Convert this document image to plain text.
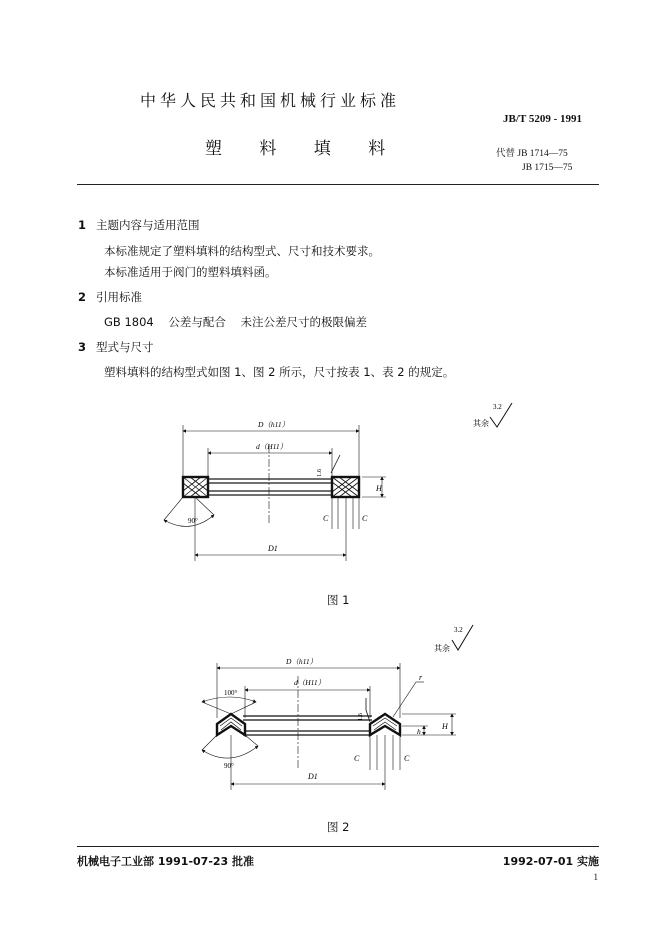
中华人民共和国机械行业标准
JB/T 5209 - 1991
塑 料 填 料	代替 JB 1714—75
JB 1715—75
1 主题内容与适用范围
本标准规定了塑料填料的结构型式、尺寸和技术要求。
本标准适用于阀门的塑料填料函。
2 引用标准
GB 1804    公差与配合    未注公差尺寸的极限偏差
3 型式与尺寸
塑料填料的结构型式如图 1、图 2 所示，尺寸按表 1、表 2 的规定。
其余
3.2
D（h11）
d（H11）
1.6
H
C	C
90°
D1
图 1
其余
3.2
D（h11）
d（H11）
100°
90°
1.6
r
h
H
C	C
D1
图 2
机械电子工业部 1991-07-23 批准	1992-07-01 实施
1
